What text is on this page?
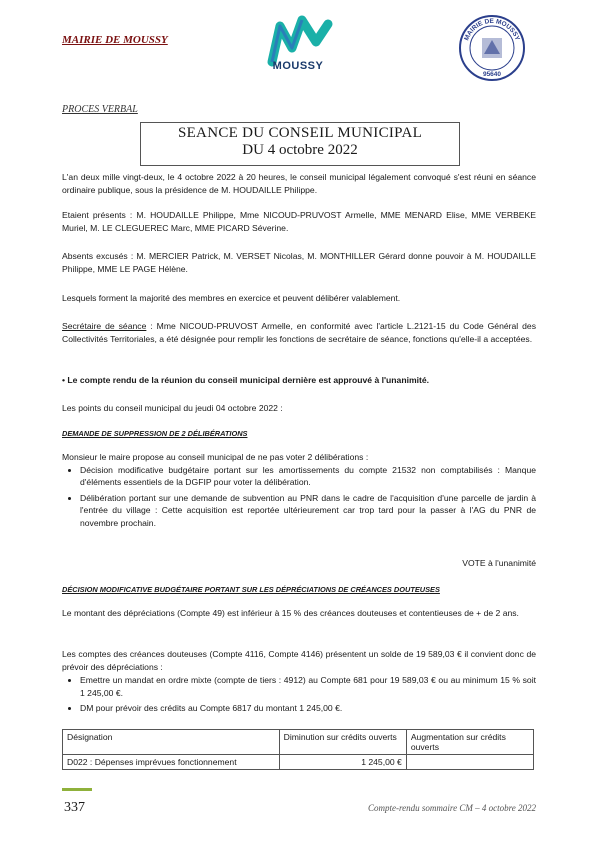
MAIRIE DE MOUSSY
MOUSSY
MAIRIE DE MOUSSY
95640
PROCES VERBAL
SEANCE DU CONSEIL MUNICIPAL
DU 4 octobre 2022
L'an deux mille vingt-deux, le 4 octobre 2022 à 20 heures, le conseil municipal légalement convoqué s'est réuni en séance ordinaire publique, sous la présidence de M. HOUDAILLE Philippe.
Etaient présents : M. HOUDAILLE Philippe, Mme NICOUD-PRUVOST Armelle, MME MENARD Elise, MME VERBEKE Muriel, M. LE CLEGUEREC Marc, MME PICARD Séverine.
Absents excusés : M. MERCIER Patrick, M. VERSET Nicolas, M. MONTHILLER Gérard donne pouvoir à M. HOUDAILLE Philippe, MME LE PAGE Hélène.
Lesquels forment la majorité des membres en exercice et peuvent délibérer valablement.
Secrétaire de séance : Mme NICOUD-PRUVOST Armelle, en conformité avec l'article L.2121-15 du Code Général des Collectivités Territoriales, a été désignée pour remplir les fonctions de secrétaire de séance, fonctions qu'elle-il a acceptées.
• Le compte rendu de la réunion du conseil municipal dernière est approuvé à l'unanimité.
Les points du conseil municipal du jeudi 04 octobre 2022 :
DEMANDE DE SUPPRESSION DE 2 DÉLIBÉRATIONS
Monsieur le maire propose au conseil municipal de ne pas voter 2 délibérations :
• Décision modificative budgétaire portant sur les amortissements du compte 21532 non comptabilisés : Manque d'éléments essentiels de la DGFIP pour voter la délibération.
• Délibération portant sur une demande de subvention au PNR dans le cadre de l'acquisition d'une parcelle de jardin à l'entrée du village : Cette acquisition est reportée ultérieurement car trop tard pour la passer à l'AG du PNR de novembre prochain.
VOTE à l'unanimité
DÉCISION MODIFICATIVE BUDGÉTAIRE PORTANT SUR LES DÉPRÉCIATIONS DE CRÉANCES DOUTEUSES
Le montant des dépréciations (Compte 49) est inférieur à 15 % des créances douteuses et contentieuses de + de 2 ans.
Les comptes des créances douteuses (Compte 4116, Compte 4146) présentent un solde de 19 589,03 € il convient donc de prévoir des dépréciations :
• Emettre un mandat en ordre mixte (compte de tiers : 4912) au Compte 681 pour 19 589,03 € ou au minimum 15 % soit 1 245,00 €.
• DM pour prévoir des crédits au Compte 6817 du montant 1 245,00 €.
Désignation	Diminution sur crédits ouverts	Augmentation sur crédits ouverts
D022 : Dépenses imprévues fonctionnement	1 245,00 €	
337	Compte-rendu sommaire CM – 4 octobre 2022
